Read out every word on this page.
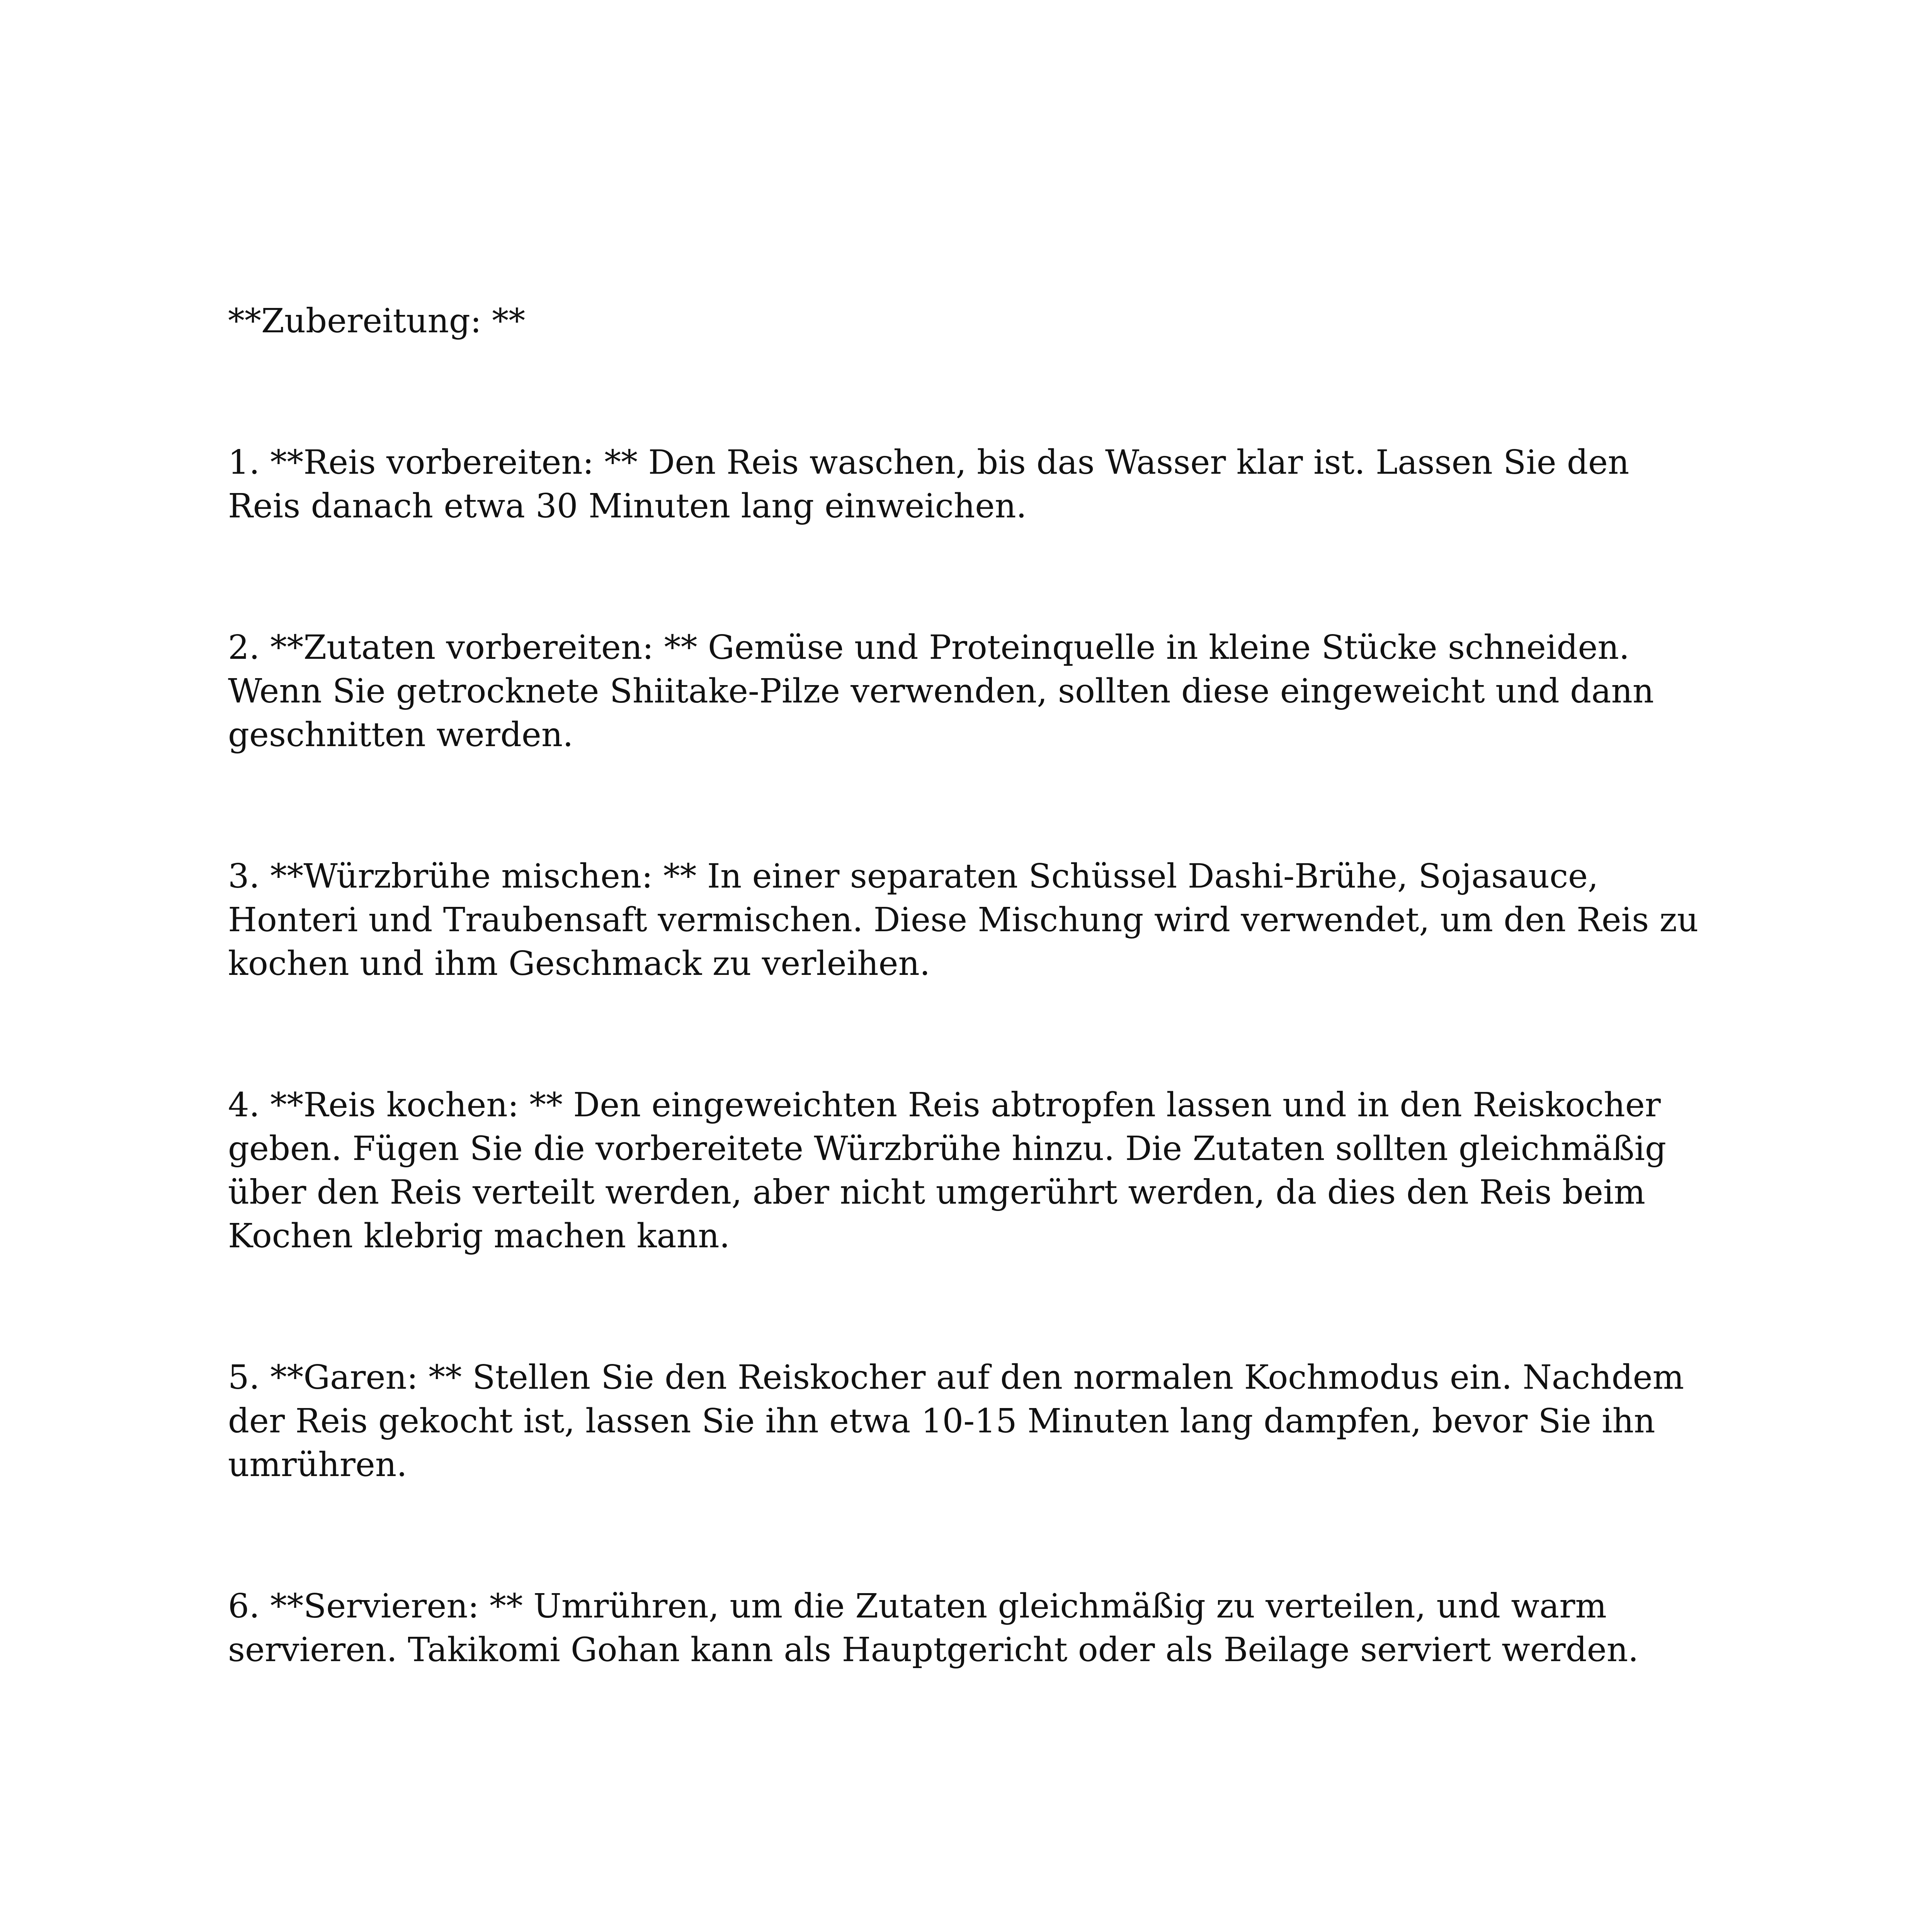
**Zubereitung: **

1. **Reis vorbereiten: ** Den Reis waschen, bis das Wasser klar ist. Lassen Sie den Reis danach etwa 30 Minuten lang einweichen.

2. **Zutaten vorbereiten: ** Gemüse und Proteinquelle in kleine Stücke schneiden. Wenn Sie getrocknete Shiitake-Pilze verwenden, sollten diese eingeweicht und dann geschnitten werden.

3. **Würzbrühe mischen: ** In einer separaten Schüssel Dashi-Brühe, Sojasauce, Honteri und Traubensaft vermischen. Diese Mischung wird verwendet, um den Reis zu kochen und ihm Geschmack zu verleihen.

4. **Reis kochen: ** Den eingeweichten Reis abtropfen lassen und in den Reiskocher geben. Fügen Sie die vorbereitete Würzbrühe hinzu. Die Zutaten sollten gleichmäßig über den Reis verteilt werden, aber nicht umgerührt werden, da dies den Reis beim Kochen klebrig machen kann.

5. **Garen: ** Stellen Sie den Reiskocher auf den normalen Kochmodus ein. Nachdem der Reis gekocht ist, lassen Sie ihn etwa 10-15 Minuten lang dampfen, bevor Sie ihn umrühren.

6. **Servieren: ** Umrühren, um die Zutaten gleichmäßig zu verteilen, und warm servieren. Takikomi Gohan kann als Hauptgericht oder als Beilage serviert werden.
